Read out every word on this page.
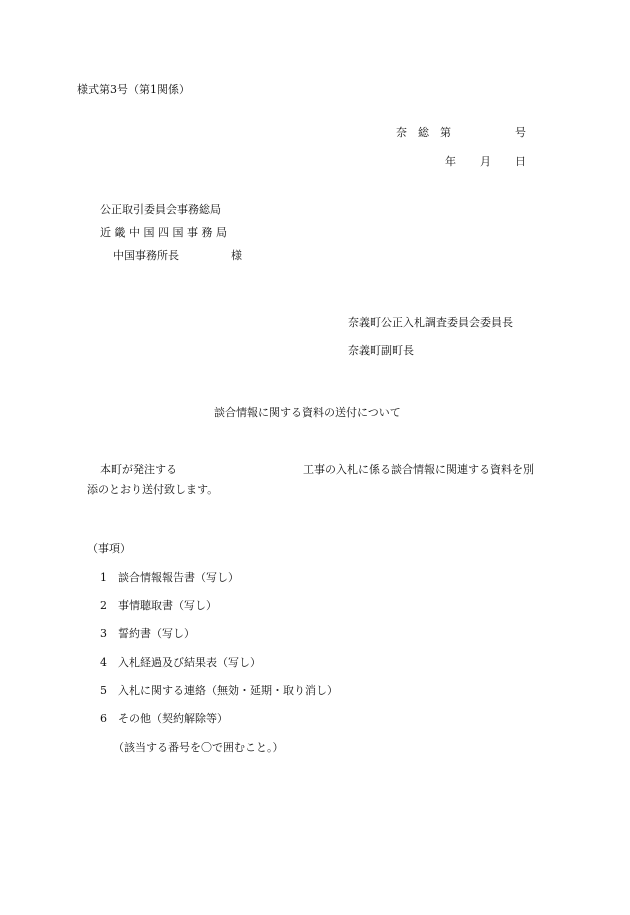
様式第3号（第1関係）
奈　総　第	号
年 月 日
公正取引委員会事務総局
近 畿 中 国 四 国 事 務 局
中国事務所長	様
奈義町公正入札調査委員会委員長
奈義町副町長
談合情報に関する資料の送付について
本町が発注する	工事の入札に係る談合情報に関連する資料を別
添のとおり送付致します。
（事項）
1 談合情報報告書（写し）
2 事情聴取書（写し）
3 誓約書（写し）
4 入札経過及び結果表（写し）
5 入札に関する連絡（無効・延期・取り消し）
6 その他（契約解除等）
（該当する番号を〇で囲むこと。）
